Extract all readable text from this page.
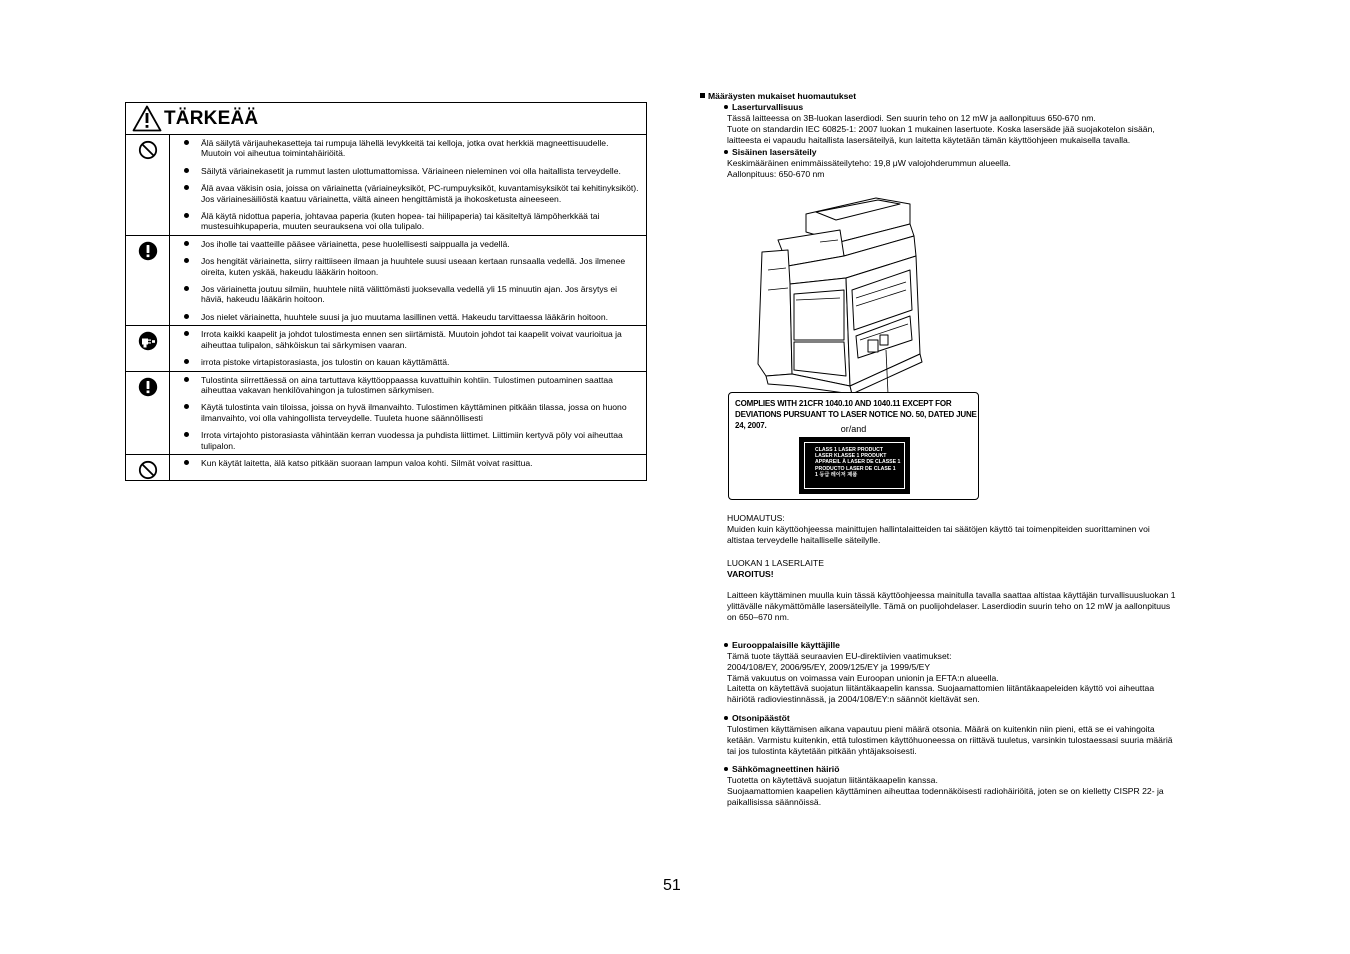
TÄRKEÄÄ
Älä säilytä värijauhekasetteja tai rumpuja lähellä levykkeitä tai kelloja, jotka ovat herkkiä magneettisuudelle. Muutoin voi aiheutua toimintahäiriöitä.
Säilytä väriainekasetit ja rummut lasten ulottumattomissa. Väriaineen nieleminen voi olla haitallista terveydelle.
Älä avaa väkisin osia, joissa on väriainetta (väriaineyksiköt, PC-rumpuyksiköt, kuvantamisyksiköt tai kehitinyksiköt). Jos väriainesäiliöstä kaatuu väriainetta, vältä aineen hengittämistä ja ihokosketusta aineeseen.
Älä käytä nidottua paperia, johtavaa paperia (kuten hopea- tai hiilipaperia) tai käsiteltyä lämpöherkkää tai mustesuihkupaperia, muuten seurauksena voi olla tulipalo.
Jos iholle tai vaatteille pääsee väriainetta, pese huolellisesti saippualla ja vedellä.
Jos hengität väriainetta, siirry raittiiseen ilmaan ja huuhtele suusi useaan kertaan runsaalla vedellä. Jos ilmenee oireita, kuten yskää, hakeudu lääkärin hoitoon.
Jos väriainetta joutuu silmiin, huuhtele niitä välittömästi juoksevalla vedellä yli 15 minuutin ajan. Jos ärsytys ei häviä, hakeudu lääkärin hoitoon.
Jos nielet väriainetta, huuhtele suusi ja juo muutama lasillinen vettä. Hakeudu tarvittaessa lääkärin hoitoon.
Irrota kaikki kaapelit ja johdot tulostimesta ennen sen siirtämistä. Muutoin johdot tai kaapelit voivat vaurioitua ja aiheuttaa tulipalon, sähköiskun tai särkymisen vaaran.
irrota pistoke virtapistorasiasta, jos tulostin on kauan käyttämättä.
Tulostinta siirrettäessä on aina tartuttava käyttöoppaassa kuvattuihin kohtiin. Tulostimen putoaminen saattaa aiheuttaa vakavan henkilövahingon ja tulostimen särkymisen.
Käytä tulostinta vain tiloissa, joissa on hyvä ilmanvaihto. Tulostimen käyttäminen pitkään tilassa, jossa on huono ilmanvaihto, voi olla vahingollista terveydelle. Tuuleta huone säännöllisesti
Irrota virtajohto pistorasiasta vähintään kerran vuodessa ja puhdista liittimet. Liittimiin kertyvä pöly voi aiheuttaa tulipalon.
Kun käytät laitetta, älä katso pitkään suoraan lampun valoa kohti. Silmät voivat rasittua.
Määräysten mukaiset huomautukset
Laserturvallisuus
Tässä laitteessa on 3B-luokan laserdiodi. Sen suurin teho on 12 mW ja aallonpituus 650-670 nm.
Tuote on standardin IEC 60825-1: 2007 luokan 1 mukainen lasertuote. Koska lasersäde jää suojakotelon sisään,
laitteesta ei vapaudu haitallista lasersäteilyä, kun laitetta käytetään tämän käyttöohjeen mukaisella tavalla.
Sisäinen lasersäteily
Keskimääräinen enimmäissäteilyteho: 19,8 μW valojohderummun alueella.
Aallonpituus: 650-670 nm
COMPLIES WITH 21CFR 1040.10 AND 1040.11 EXCEPT FOR
DEVIATIONS PURSUANT TO LASER NOTICE NO. 50, DATED JUNE 24, 2007.	or/and
CLASS 1 LASER PRODUCT
LASER KLASSE 1 PRODUKT
APPAREIL À LASER DE CLASSE 1
PRODUCTO LASER DE CLASE 1
1 등급 레이저 제품
HUOMAUTUS:
Muiden kuin käyttöohjeessa mainittujen hallintalaitteiden tai säätöjen käyttö tai toimenpiteiden suorittaminen voi
altistaa terveydelle haitalliselle säteilylle.
LUOKAN 1 LASERLAITE
VAROITUS!
Laitteen käyttäminen muulla kuin tässä käyttöohjeessa mainitulla tavalla saattaa altistaa käyttäjän turvallisuusluokan 1
ylittävälle näkymättömälle lasersäteilylle. Tämä on puolijohdelaser. Laserdiodin suurin teho on 12 mW ja aallonpituus
on 650–670 nm.
Eurooppalaisille käyttäjille
Tämä tuote täyttää seuraavien EU-direktiivien vaatimukset:
2004/108/EY, 2006/95/EY, 2009/125/EY ja 1999/5/EY
Tämä vakuutus on voimassa vain Euroopan unionin ja EFTA:n alueella.
Laitetta on käytettävä suojatun liitäntäkaapelin kanssa. Suojaamattomien liitäntäkaapeleiden käyttö voi aiheuttaa
häiriötä radioviestinnässä, ja 2004/108/EY:n säännöt kieltävät sen.
Otsonipäästöt
Tulostimen käyttämisen aikana vapautuu pieni määrä otsonia. Määrä on kuitenkin niin pieni, että se ei vahingoita
ketään. Varmistu kuitenkin, että tulostimen käyttöhuoneessa on riittävä tuuletus, varsinkin tulostaessasi suuria määriä
tai jos tulostinta käytetään pitkään yhtäjaksoisesti.
Sähkömagneettinen häiriö
Tuotetta on käytettävä suojatun liitäntäkaapelin kanssa.
Suojaamattomien kaapelien käyttäminen aiheuttaa todennäköisesti radiohäiriöitä, joten se on kielletty CISPR 22- ja
paikallisissa säännöissä.
51
